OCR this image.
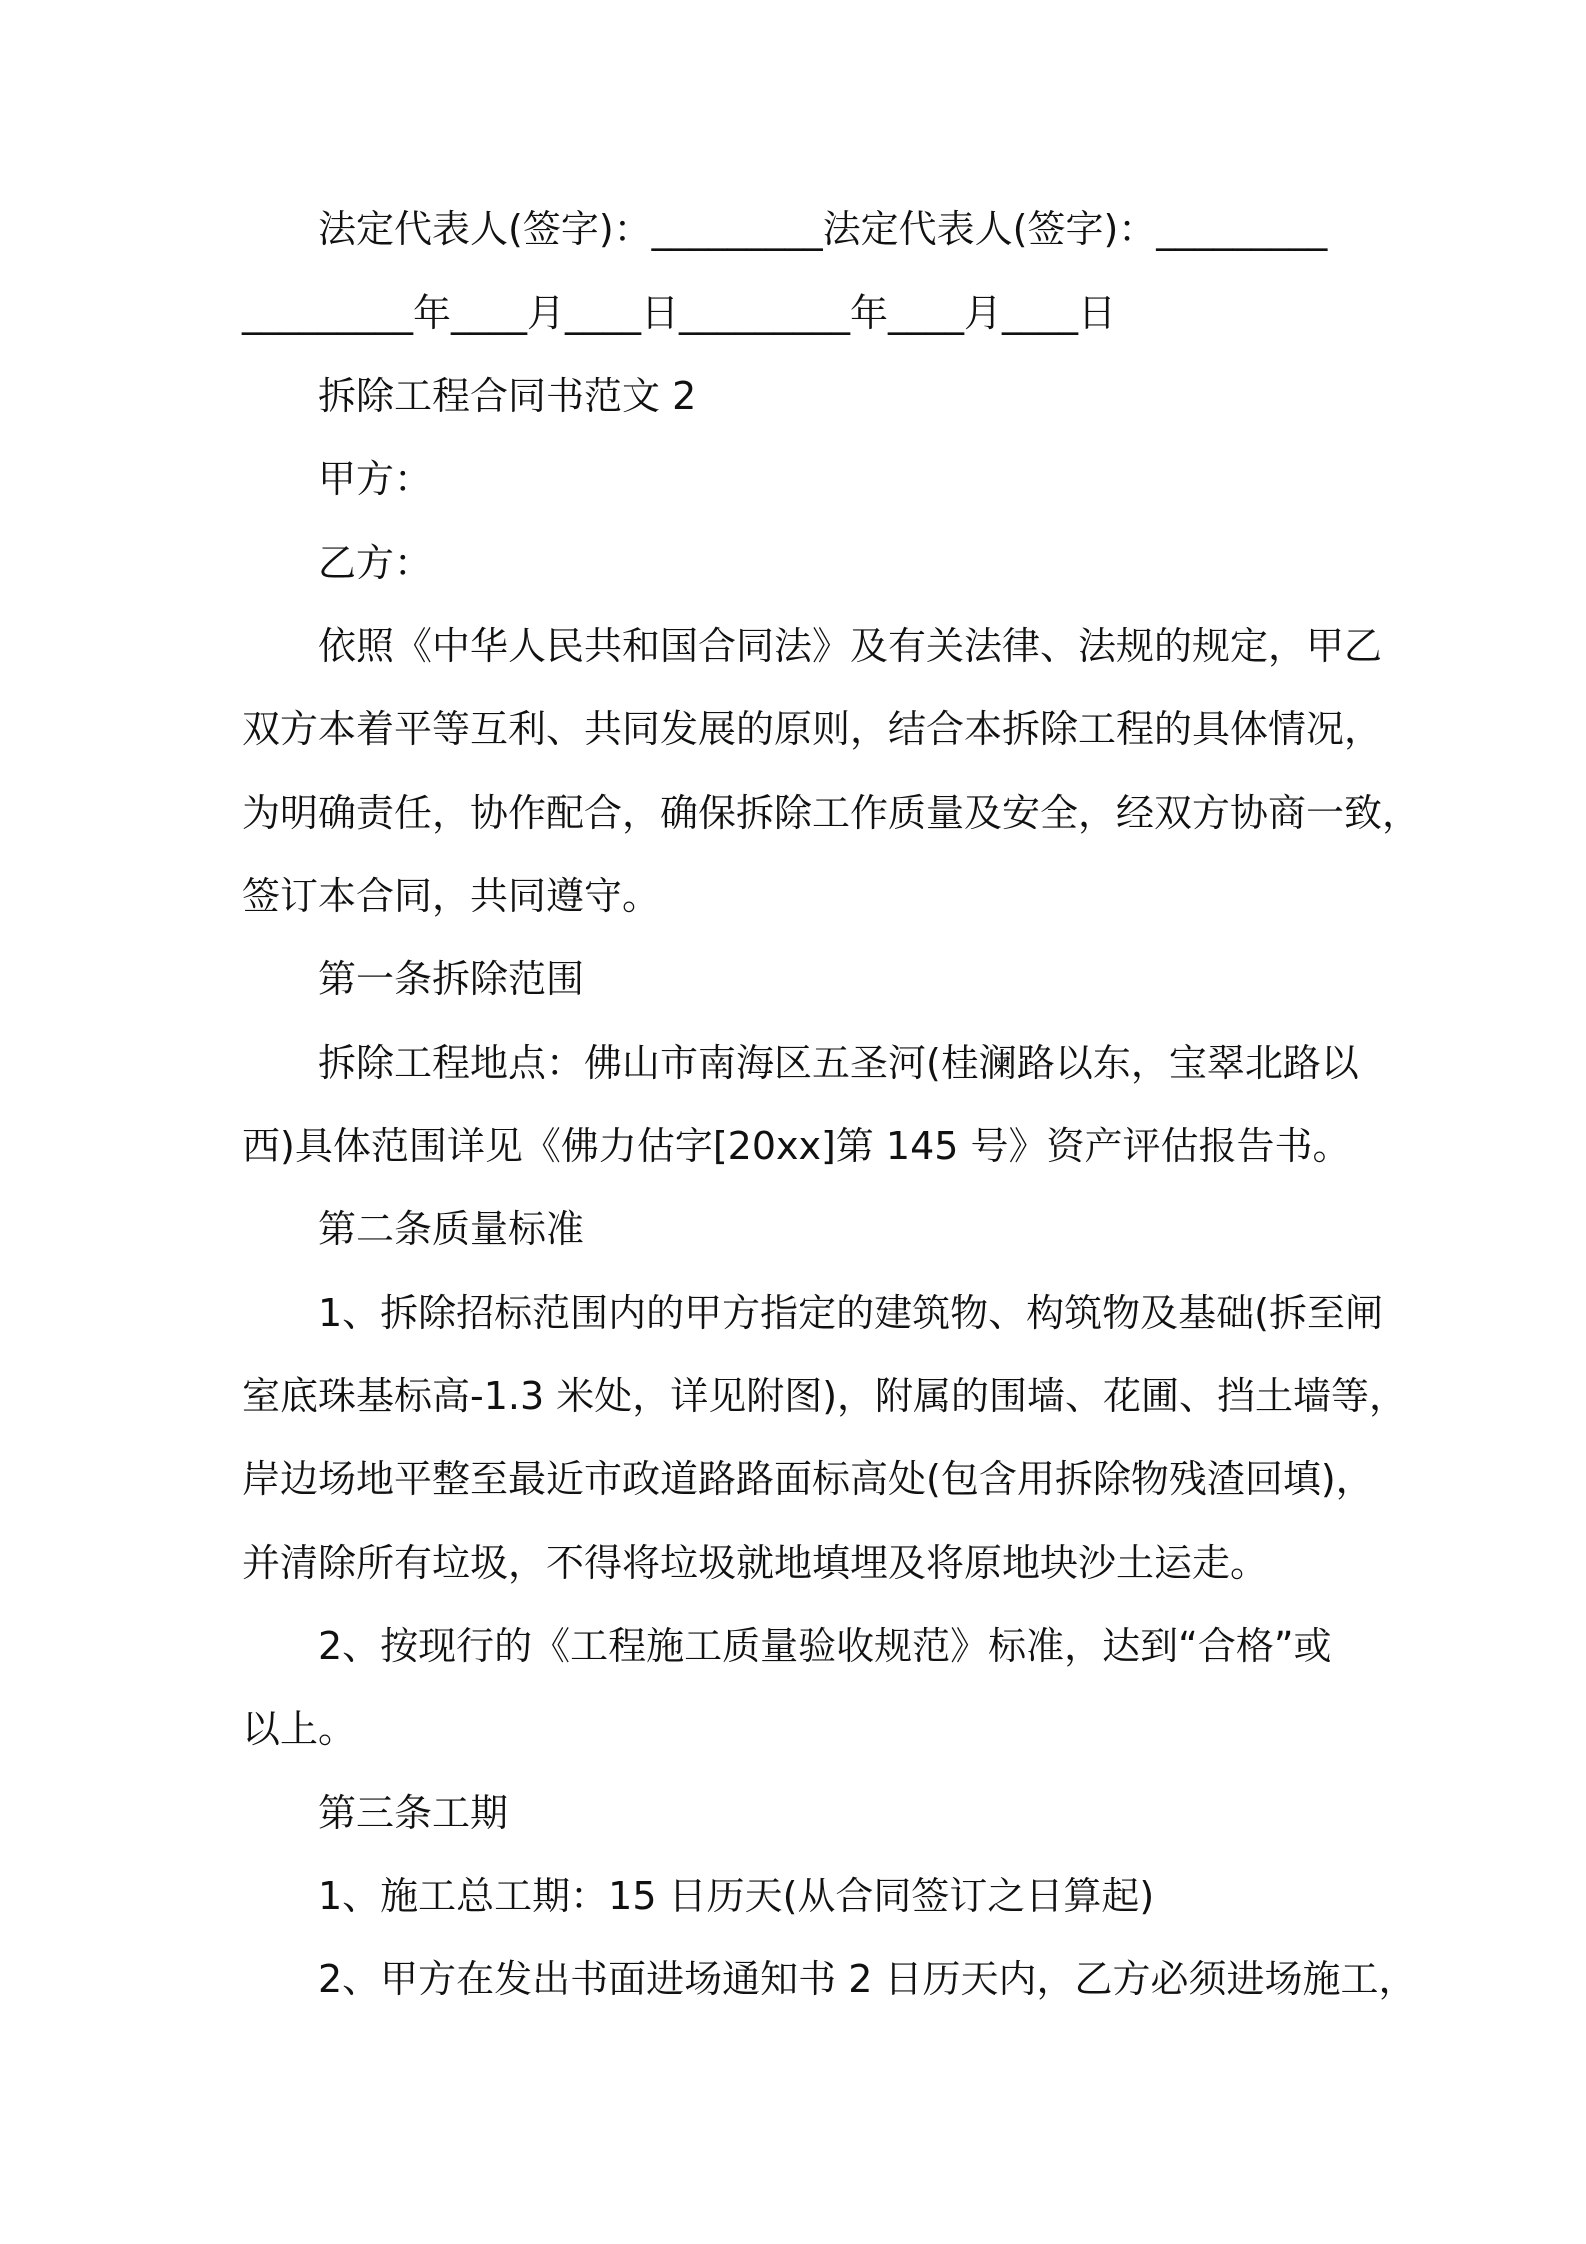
法定代表人(签字)：_________法定代表人(签字)：_________
_________年____月____日_________年____月____日
拆除工程合同书范文 2
甲方：
乙方：
依照《中华人民共和国合同法》及有关法律、法规的规定，甲乙
双方本着平等互利、共同发展的原则，结合本拆除工程的具体情况，
为明确责任，协作配合，确保拆除工作质量及安全，经双方协商一致，
签订本合同，共同遵守。
第一条拆除范围
拆除工程地点：佛山市南海区五圣河(桂澜路以东，宝翠北路以
西)具体范围详见《佛力估字[20xx]第 145 号》资产评估报告书。
第二条质量标准
1、拆除招标范围内的甲方指定的建筑物、构筑物及基础(拆至闸
室底珠基标高-1.3 米处，详见附图)，附属的围墙、花圃、挡土墙等，
岸边场地平整至最近市政道路路面标高处(包含用拆除物残渣回填)，
并清除所有垃圾，不得将垃圾就地填埋及将原地块沙土运走。
2、按现行的《工程施工质量验收规范》标准，达到“合格”或
以上。
第三条工期
1、施工总工期：15 日历天(从合同签订之日算起)
2、甲方在发出书面进场通知书 2 日历天内，乙方必须进场施工，
